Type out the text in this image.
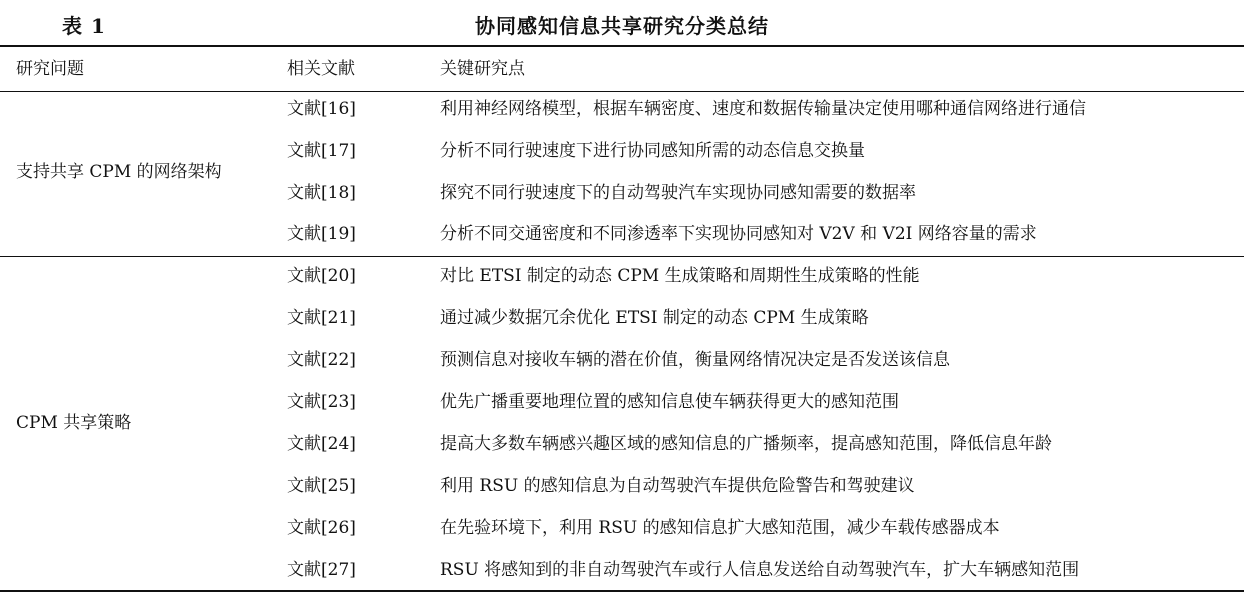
表 1	协同感知信息共享研究分类总结
研究问题	相关文献	关键研究点
支持共享 CPM 的网络架构
文献[16]	利用神经网络模型，根据车辆密度、速度和数据传输量决定使用哪种通信网络进行通信
文献[17]	分析不同行驶速度下进行协同感知所需的动态信息交换量
文献[18]	探究不同行驶速度下的自动驾驶汽车实现协同感知需要的数据率
文献[19]	分析不同交通密度和不同渗透率下实现协同感知对 V2V 和 V2I 网络容量的需求
CPM 共享策略
文献[20]	对比 ETSI 制定的动态 CPM 生成策略和周期性生成策略的性能
文献[21]	通过减少数据冗余优化 ETSI 制定的动态 CPM 生成策略
文献[22]	预测信息对接收车辆的潜在价值，衡量网络情况决定是否发送该信息
文献[23]	优先广播重要地理位置的感知信息使车辆获得更大的感知范围
文献[24]	提高大多数车辆感兴趣区域的感知信息的广播频率，提高感知范围，降低信息年龄
文献[25]	利用 RSU 的感知信息为自动驾驶汽车提供危险警告和驾驶建议
文献[26]	在先验环境下，利用 RSU 的感知信息扩大感知范围，减少车载传感器成本
文献[27]	RSU 将感知到的非自动驾驶汽车或行人信息发送给自动驾驶汽车，扩大车辆感知范围
